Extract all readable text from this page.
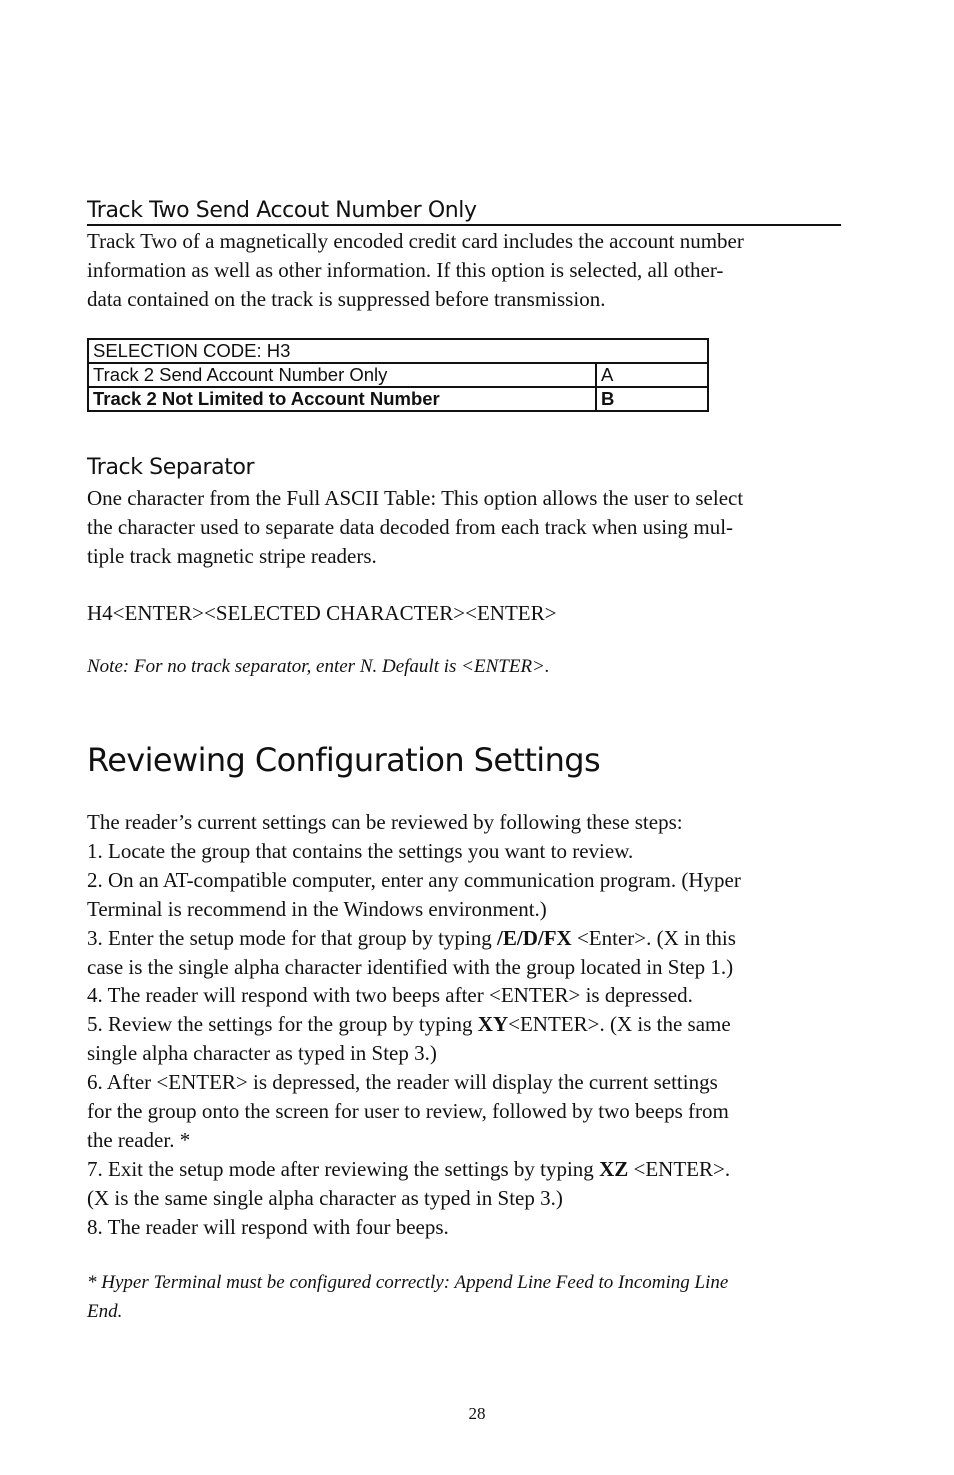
Track Two Send Accout Number Only
Track Two of a magnetically encoded credit card includes the account number
information as well as other information. If this option is selected, all other-
data contained on the track is suppressed before transmission.
SELECTION CODE: H3	
Track 2 Send Account Number Only	A
Track 2 Not Limited to Account Number	B
Track Separator
One character from the Full ASCII Table: This option allows the user to select
the character used to separate data decoded from each track when using mul-
tiple track magnetic stripe readers.
H4<ENTER><SELECTED CHARACTER><ENTER>
Note: For no track separator, enter N. Default is <ENTER>.
Reviewing Configuration Settings
The reader’s current settings can be reviewed by following these steps:
1. Locate the group that contains the settings you want to review.
2. On an AT-compatible computer, enter any communication program. (Hyper
Terminal is recommend in the Windows environment.)
3. Enter the setup mode for that group by typing /E/D/FX <Enter>. (X in this
case is the single alpha character identified with the group located in Step 1.)
4. The reader will respond with two beeps after <ENTER> is depressed.
5. Review the settings for the group by typing XY<ENTER>. (X is the same
single alpha character as typed in Step 3.)
6. After <ENTER> is depressed, the reader will display the current settings
for the group onto the screen for user to review, followed by two beeps from
the reader. *
7. Exit the setup mode after reviewing the settings by typing XZ <ENTER>.
(X is the same single alpha character as typed in Step 3.)
8. The reader will respond with four beeps.
* Hyper Terminal must be configured correctly: Append Line Feed to Incoming Line
End.
28
